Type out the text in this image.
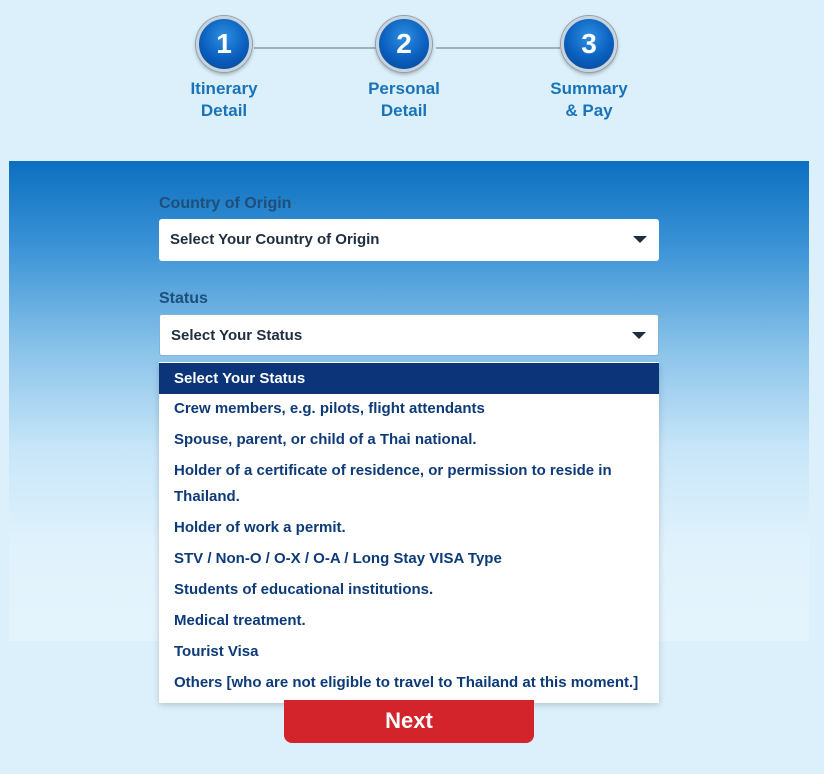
1
Itinerary
Detail
2
Personal
Detail
3
Summary
& Pay
Country of Origin
Select Your Country of Origin
Status
Select Your Status
Select Your Status
Crew members, e.g. pilots, flight attendants
Spouse, parent, or child of a Thai national.
Holder of a certificate of residence, or permission to reside in Thailand.
Holder of work a permit.
STV / Non-O / O-X / O-A / Long Stay VISA Type
Students of educational institutions.
Medical treatment.
Tourist Visa
Others [who are not eligible to travel to Thailand at this moment.]
Next
